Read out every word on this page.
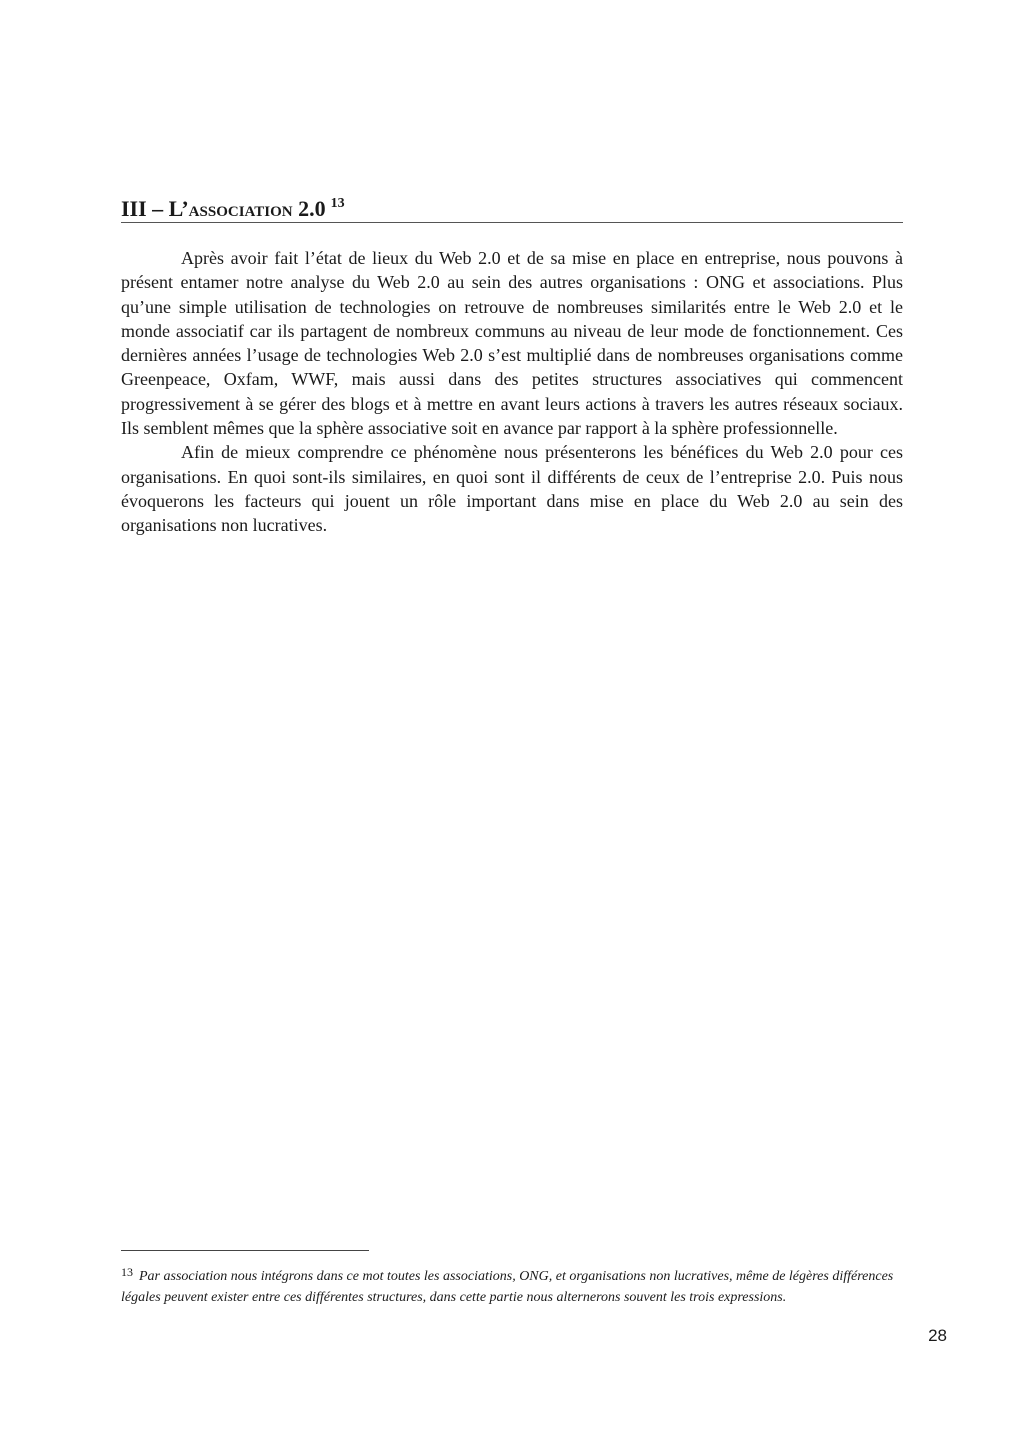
III – L’association 2.0 $^{13}$

Après avoir fait l’état de lieux du Web 2.0 et de sa mise en place en entreprise, nous pouvons à présent entamer notre analyse du Web 2.0 au sein des autres organisations : ONG et associations. Plus qu’une simple utilisation de technologies on retrouve de nombreuses similarités entre le Web 2.0 et le monde associatif car ils partagent de nombreux communs au niveau de leur mode de fonctionnement. Ces dernières années l’usage de technologies Web 2.0 s’est multiplié dans de nombreuses organisations comme Greenpeace, Oxfam, WWF, mais aussi dans des petites structures associatives qui commencent progressivement à se gérer des blogs et à mettre en avant leurs actions à travers les autres réseaux sociaux. Ils semblent mêmes que la sphère associative soit en avance par rapport à la sphère professionnelle.

Afin de mieux comprendre ce phénomène nous présenterons les bénéfices du Web 2.0 pour ces organisations. En quoi sont-ils similaires, en quoi sont il différents de ceux de l’entreprise 2.0. Puis nous évoquerons les facteurs qui jouent un rôle important dans mise en place du Web 2.0 au sein des organisations non lucratives.

13 Par association nous intégrons dans ce mot toutes les associations, ONG, et organisations non lucratives, même de légères différences légales peuvent exister entre ces différentes structures, dans cette partie nous alternerons souvent les trois expressions.
28
